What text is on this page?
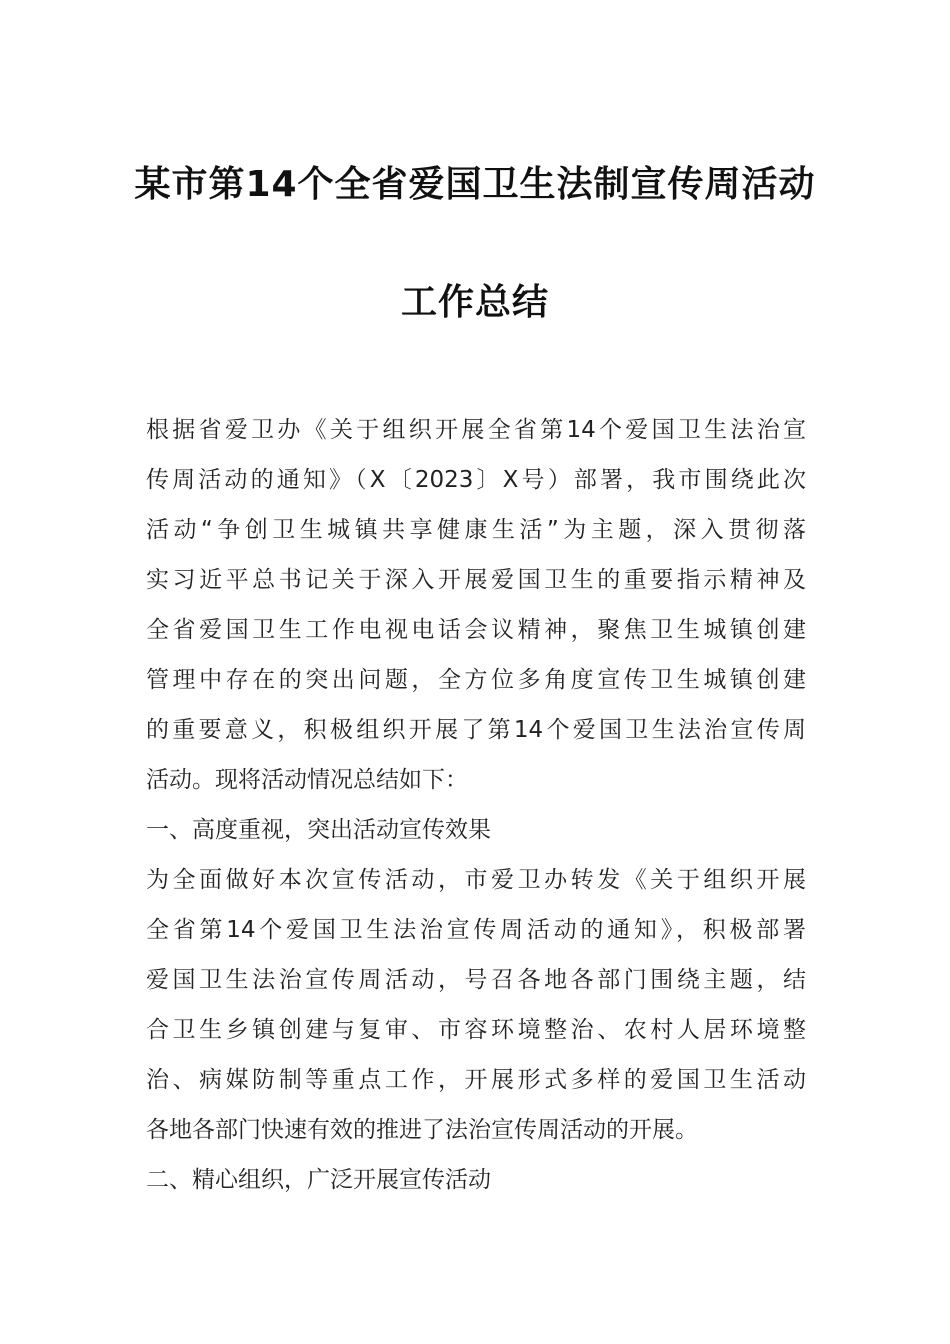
某市第14个全省爱国卫生法制宣传周活动
工作总结
根据省爱卫办《关于组织开展全省第14个爱国卫生法治宣
传周活动的通知》（X〔2023〕X号）部署，我市围绕此次
活动“争创卫生城镇共享健康生活”为主题，深入贯彻落
实习近平总书记关于深入开展爱国卫生的重要指示精神及
全省爱国卫生工作电视电话会议精神，聚焦卫生城镇创建
管理中存在的突出问题，全方位多角度宣传卫生城镇创建
的重要意义，积极组织开展了第14个爱国卫生法治宣传周
活动。现将活动情况总结如下：
一、高度重视，突出活动宣传效果
为全面做好本次宣传活动，市爱卫办转发《关于组织开展
全省第14个爱国卫生法治宣传周活动的通知》，积极部署
爱国卫生法治宣传周活动，号召各地各部门围绕主题，结
合卫生乡镇创建与复审、市容环境整治、农村人居环境整
治、病媒防制等重点工作，开展形式多样的爱国卫生活动
各地各部门快速有效的推进了法治宣传周活动的开展。
二、精心组织，广泛开展宣传活动
